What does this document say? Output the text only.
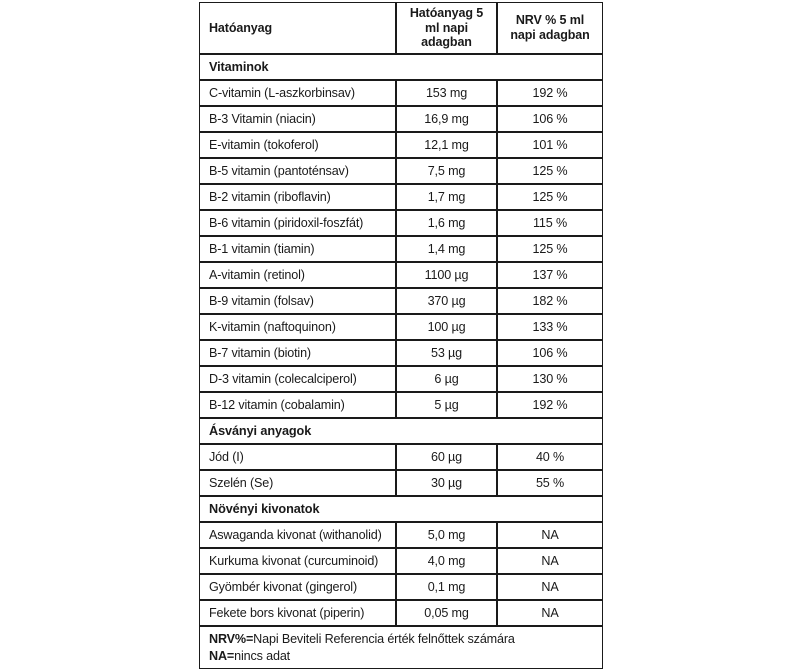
Hatóanyag	Hatóanyag 5 ml napi adagban	NRV % 5 ml napi adagban
Vitaminok		
C-vitamin (L-aszkorbinsav)	153 mg	192 %
B-3 Vitamin (niacin)	16,9 mg	106 %
E-vitamin (tokoferol)	12,1 mg	101 %
B-5 vitamin (pantoténsav)	7,5 mg	125 %
B-2 vitamin (riboflavin)	1,7 mg	125 %
B-6 vitamin (piridoxil-foszfát)	1,6 mg	115 %
B-1 vitamin (tiamin)	1,4 mg	125 %
A-vitamin (retinol)	1100 µg	137 %
B-9 vitamin (folsav)	370 µg	182 %
K-vitamin (naftoquinon)	100 µg	133 %
B-7 vitamin (biotin)	53 µg	106 %
D-3 vitamin (colecalciperol)	6 µg	130 %
B-12 vitamin (cobalamin)	5 µg	192 %
Ásványi anyagok		
Jód (I)	60 µg	40 %
Szelén (Se)	30 µg	55 %
Növényi kivonatok		
Aswaganda kivonat (withanolid)	5,0 mg	NA
Kurkuma kivonat (curcuminoid)	4,0 mg	NA
Gyömbér kivonat (gingerol)	0,1 mg	NA
Fekete bors kivonat (piperin)	0,05 mg	NA

NRV%=Napi Beviteli Referencia érték felnőttek számára
NA=nincs adat		
